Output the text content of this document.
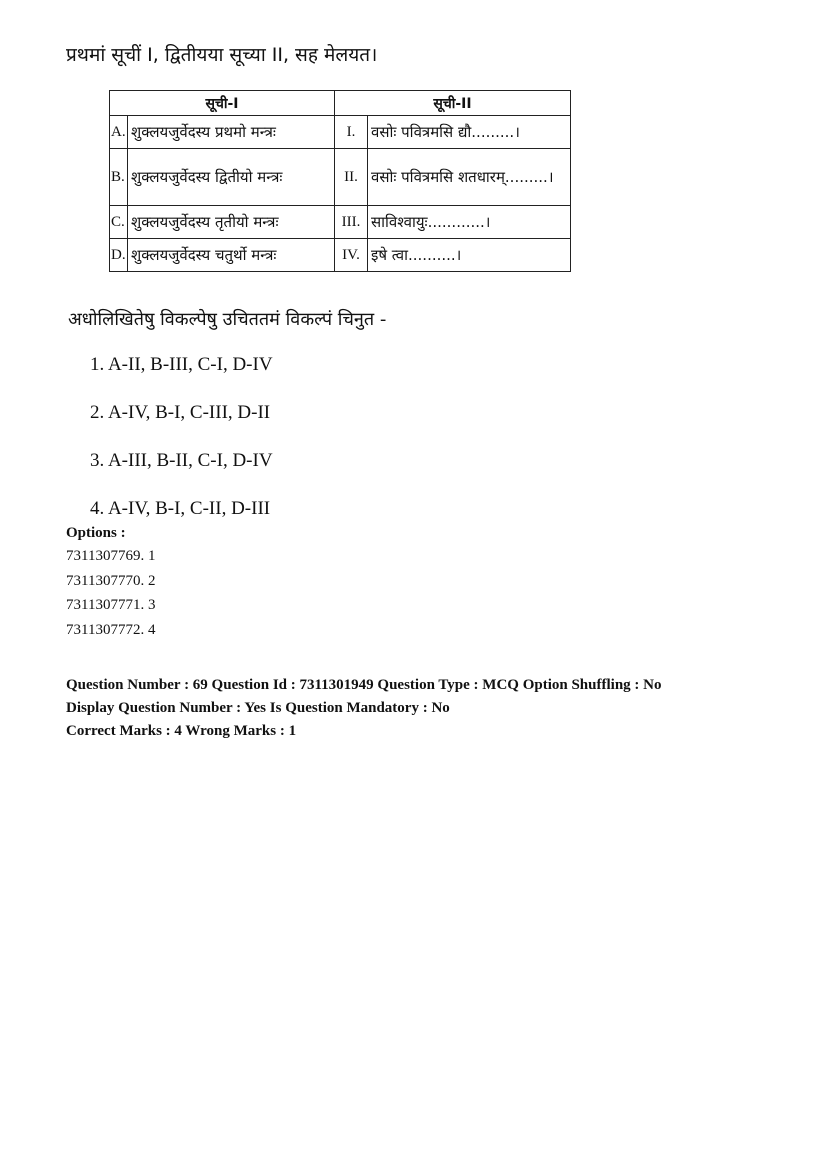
प्रथमां सूचीं I, द्वितीयया सूच्या II, सह मेलयत।
सूची-I		सूची-II	
A.	शुक्लयजुर्वेदस्य प्रथमो मन्त्रः	I.	वसोः पवित्रमसि द्यौ.........।
B.	शुक्लयजुर्वेदस्य द्वितीयो मन्त्रः	II.	वसोः पवित्रमसि शतधारम्.........।
C.	शुक्लयजुर्वेदस्य तृतीयो मन्त्रः	III.	साविश्वायुः............।
D.	शुक्लयजुर्वेदस्य चतुर्थो मन्त्रः	IV.	इषे त्वा..........।
अधोलिखितेषु विकल्पेषु उचिततमं विकल्पं चिनुत -
1. A-II, B-III, C-I, D-IV
2. A-IV, B-I, C-III, D-II
3. A-III, B-II, C-I, D-IV
4. A-IV, B-I, C-II, D-III
Options :
7311307769. 1
7311307770. 2
7311307771. 3
7311307772. 4
Question Number : 69 Question Id : 7311301949 Question Type : MCQ Option Shuffling : No
Display Question Number : Yes Is Question Mandatory : No
Correct Marks : 4 Wrong Marks : 1
